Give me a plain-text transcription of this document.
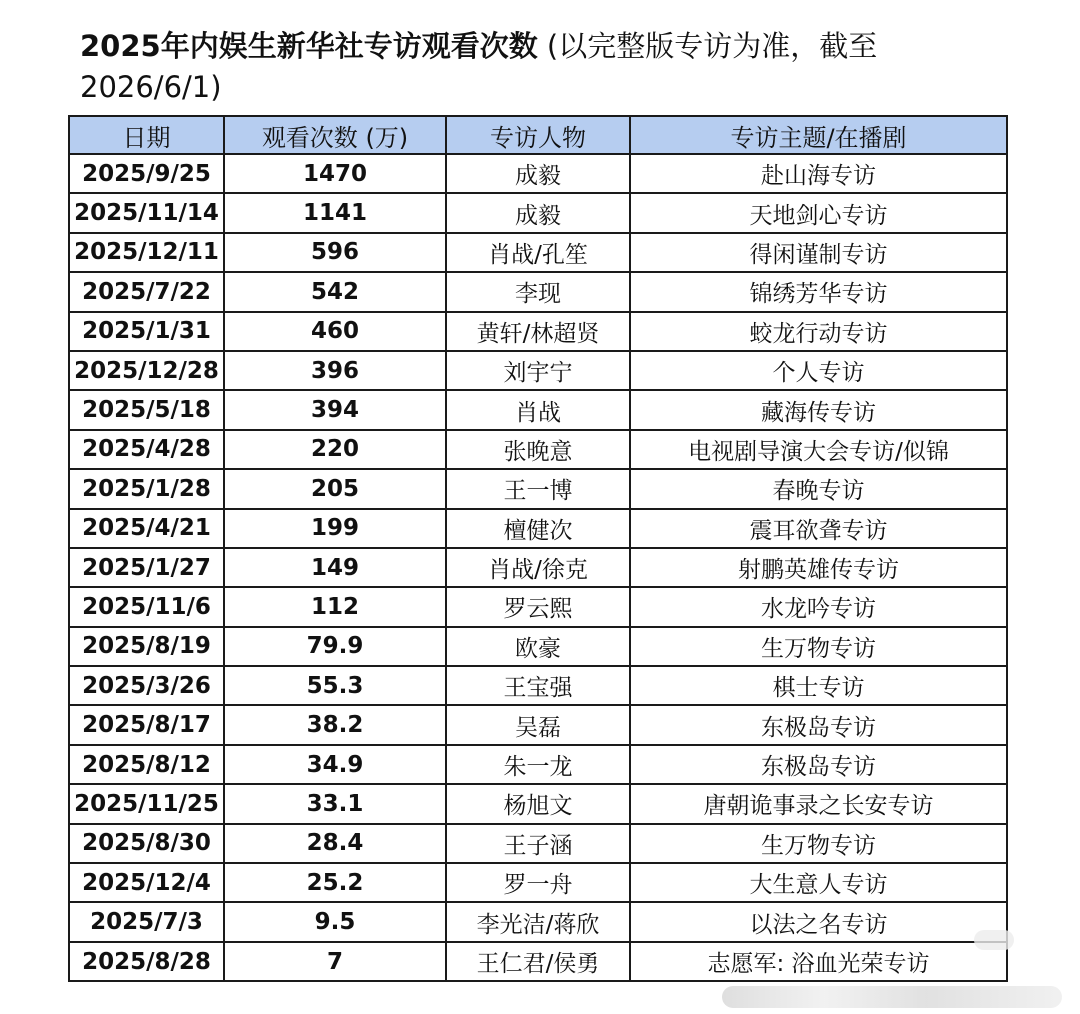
2025年内娱生新华社专访观看次数 (以完整版专访为准，截至2026/6/1)
日期	观看次数 (万)	专访人物	专访主题/在播剧
2025/9/25	1470	成毅	赴山海专访
2025/11/14	1141	成毅	天地剑心专访
2025/12/11	596	肖战/孔笙	得闲谨制专访
2025/7/22	542	李现	锦绣芳华专访
2025/1/31	460	黄轩/林超贤	蛟龙行动专访
2025/12/28	396	刘宇宁	个人专访
2025/5/18	394	肖战	藏海传专访
2025/4/28	220	张晚意	电视剧导演大会专访/似锦
2025/1/28	205	王一博	春晚专访
2025/4/21	199	檀健次	震耳欲聋专访
2025/1/27	149	肖战/徐克	射鹏英雄传专访
2025/11/6	112	罗云熙	水龙吟专访
2025/8/19	79.9	欧豪	生万物专访
2025/3/26	55.3	王宝强	棋士专访
2025/8/17	38.2	吴磊	东极岛专访
2025/8/12	34.9	朱一龙	东极岛专访
2025/11/25	33.1	杨旭文	唐朝诡事录之长安专访
2025/8/30	28.4	王子涵	生万物专访
2025/12/4	25.2	罗一舟	大生意人专访
2025/7/3	9.5	李光洁/蒋欣	以法之名专访
2025/8/28	7	王仁君/侯勇	志愿军: 浴血光荣专访
